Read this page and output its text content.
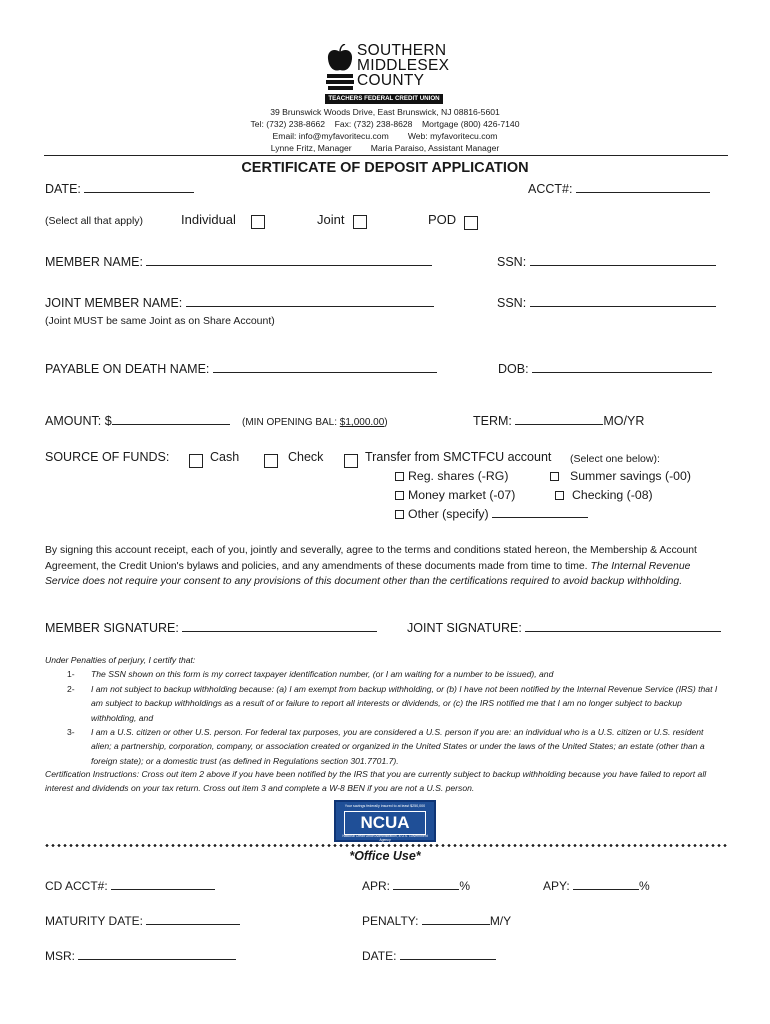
SOUTHERN
MIDDLESEX
COUNTY
TEACHERS FEDERAL CREDIT UNION
39 Brunswick Woods Drive, East Brunswick, NJ 08816-5601
Tel: (732) 238-8662    Fax: (732) 238-8628    Mortgage (800) 426-7140
Email: info@myfavoritecu.com        Web: myfavoritecu.com
Lynne Fritz, Manager        Maria Paraiso, Assistant Manager
CERTIFICATE OF DEPOSIT APPLICATION
DATE:	ACCT#:
(Select all that apply)	Individual	Joint	POD
MEMBER NAME:	SSN:
JOINT MEMBER NAME:	SSN:
(Joint MUST be same Joint as on Share Account)
PAYABLE ON DEATH NAME:	DOB:
AMOUNT: $	(MIN OPENING BAL: $1,000.00)	TERM:	MO/YR
SOURCE OF FUNDS:	Cash	Check	Transfer from SMCTFCU account (Select one below):
Reg. shares (-RG)	Summer savings (-00)
Money market (-07)	Checking (-08)
Other (specify)
By signing this account receipt, each of you, jointly and severally, agree to the terms and conditions stated hereon, the Membership & Account Agreement, the Credit Union's bylaws and policies, and any amendments of these documents made from time to time. The Internal Revenue Service does not require your consent to any provisions of this document other than the certifications required to avoid backup withholding.
MEMBER SIGNATURE:	JOINT SIGNATURE:
Under Penalties of perjury, I certify that:
1- The SSN shown on this form is my correct taxpayer identification number, (or I am waiting for a number to be issued), and
2- I am not subject to backup withholding because: (a) I am exempt from backup withholding, or (b) I have not been notified by the Internal Revenue Service (IRS) that I am subject to backup withholdings as a result of or failure to report all interests or dividends, or (c) the IRS notified me that I am no longer subject to backup withholding, and
3- I am a U.S. citizen or other U.S. person. For federal tax purposes, you are considered a U.S. person if you are: an individual who is a U.S. citizen or U.S. resident alien; a partnership, corporation, company, or association created or organized in the United States or under the laws of the United States; an estate (other than a foreign state); or a domestic trust (as defined in Regulations section 301.7701.7).
Certification Instructions: Cross out item 2 above if you have been notified by the IRS that you are currently subject to backup withholding because you have failed to report all interest and dividends on your tax return. Cross out item 3 and complete a W-8 BEN if you are not a U.S. person.
Your savings federally insured to at least $250,000
NCUA
National Credit Union Administration, a U.S. Government Agency
*Office Use*
CD ACCT#:	APR:	%	APY:	%
MATURITY DATE:	PENALTY:	M/Y
MSR:	DATE:
